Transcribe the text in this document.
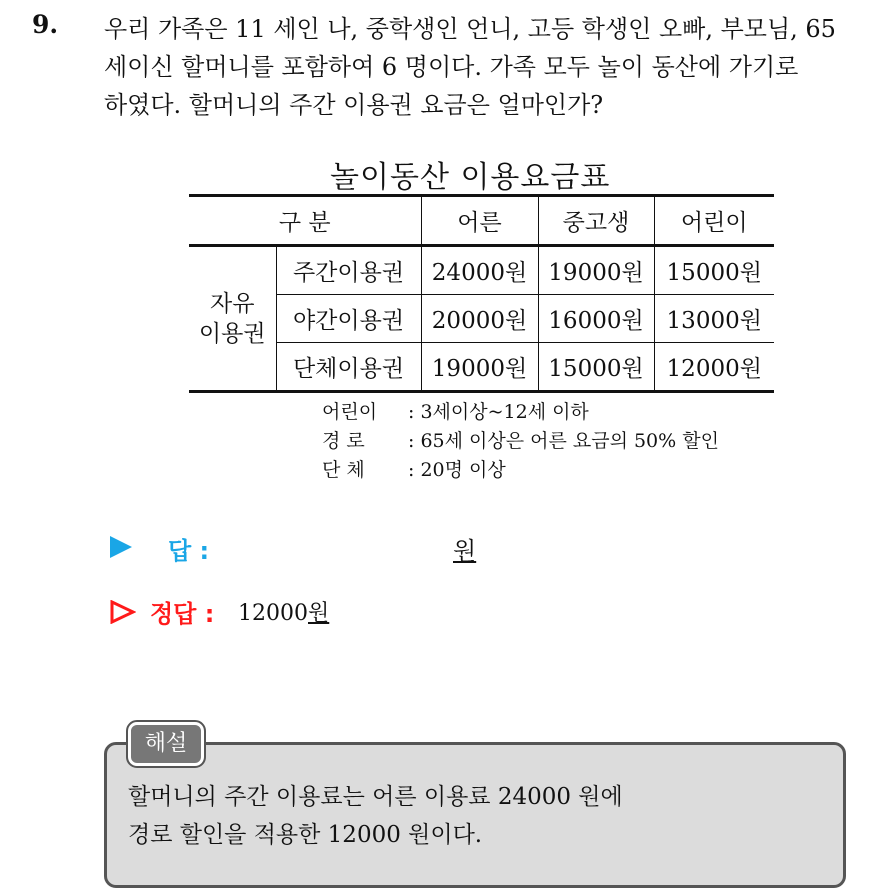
9. 우리 가족은 11 세인 나, 중학생인 언니, 고등 학생인 오빠, 부모님, 65
세이신 할머니를 포함하여 6 명이다. 가족 모두 놀이 동산에 가기로
하였다. 할머니의 주간 이용권 요금은 얼마인가?
놀이동산 이용요금표
구 분		어른	중고생	어린이

자유
이용권	주간이용권	24000원	19000원	15000원
	야간이용권	20000원	16000원	13000원
	단체이용권	19000원	15000원	12000원
어린이 : 3세이상~12세 이하
경 로 : 65세 이상은 어른 요금의 50% 할인
단 체 : 20명 이상
답 :	원
정답 : 12000원
해설
할머니의 주간 이용료는 어른 이용료 24000 원에
경로 할인을 적용한 12000 원이다.
